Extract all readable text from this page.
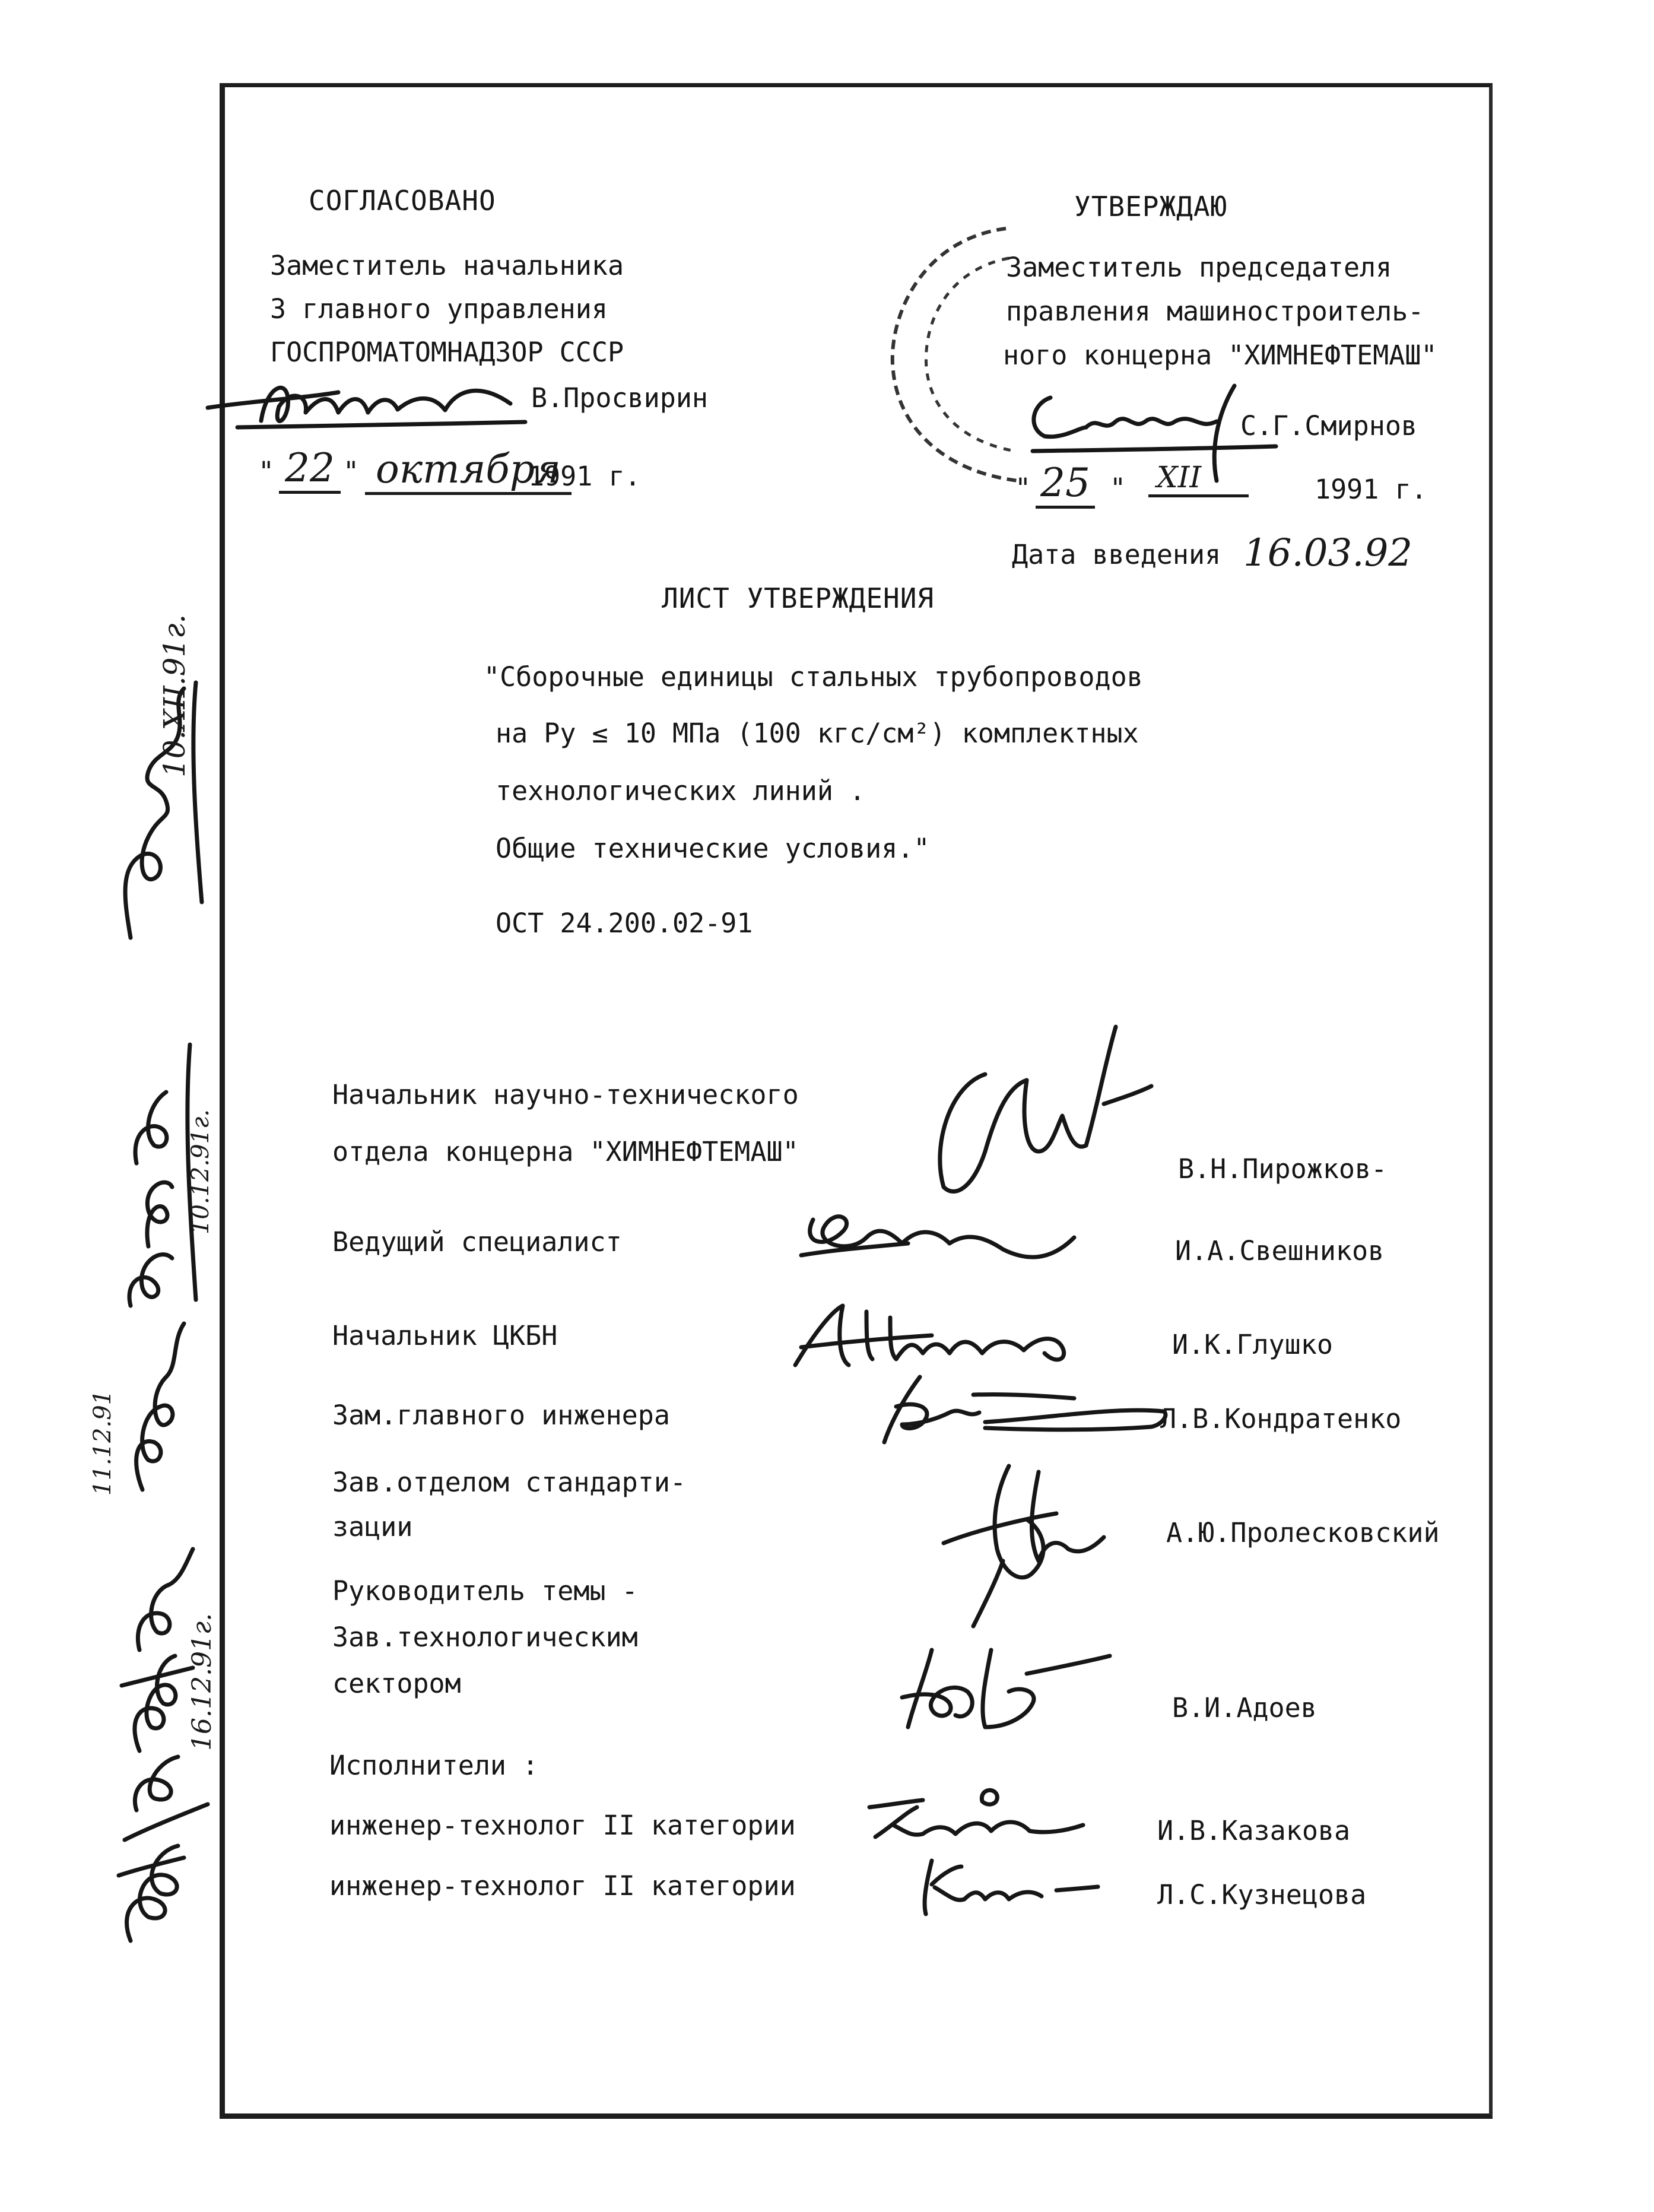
СОГЛАСОВАНО
Заместитель начальника
3 главного управления
ГОСПРОМАТОМНАДЗОР СССР
В.Просвирин
" 22 " октября
1991 г.
УТВЕРЖДАЮ
Заместитель председателя
правления машиностроитель-
ного концерна "ХИМНЕФТЕМАШ"
С.Г.Смирнов
" 25 " XII	1991 г.
Дата введения 16.03.92
ЛИСТ УТВЕРЖДЕНИЯ
"Сборочные единицы стальных трубопроводов
на Ру ≤ 10 МПа (100 кгс/см²) комплектных
технологических линий .
Общие технические условия."
ОСТ 24.200.02-91
Начальник научно-технического
отдела концерна "ХИМНЕФТЕМАШ"
В.Н.Пирожков-
Ведущий специалист	И.А.Свешников
Начальник ЦКБН	И.К.Глушко
Зам.главного инженера	Л.В.Кондратенко
Зав.отделом стандарти-
зации	А.Ю.Пролесковский
Руководитель темы -
Зав.технологическим
сектором
В.И.Адоев
Исполнители :
инженер-технолог II категории	И.В.Казакова
инженер-технолог II категории	Л.С.Кузнецова
10.XII.91г.
10.12.91г.
11.12.91
16.12.91г.
